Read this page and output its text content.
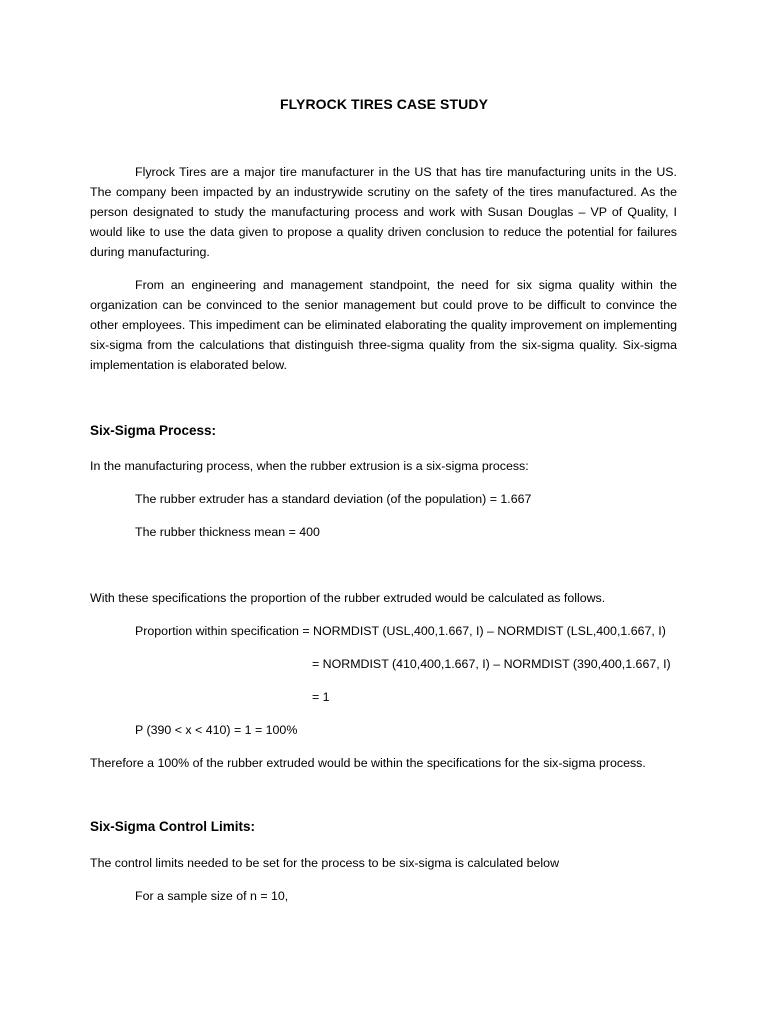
FLYROCK TIRES CASE STUDY

Flyrock Tires are a major tire manufacturer in the US that has tire manufacturing units in the US. The company been impacted by an industrywide scrutiny on the safety of the tires manufactured. As the person designated to study the manufacturing process and work with Susan Douglas – VP of Quality, I would like to use the data given to propose a quality driven conclusion to reduce the potential for failures during manufacturing.

From an engineering and management standpoint, the need for six sigma quality within the organization can be convinced to the senior management but could prove to be difficult to convince the other employees. This impediment can be eliminated elaborating the quality improvement on implementing six-sigma from the calculations that distinguish three-sigma quality from the six-sigma quality. Six-sigma implementation is elaborated below.

Six-Sigma Process:
In the manufacturing process, when the rubber extrusion is a six-sigma process:
The rubber extruder has a standard deviation (of the population) = 1.667
The rubber thickness mean = 400
With these specifications the proportion of the rubber extruded would be calculated as follows.
Proportion within specification = NORMDIST (USL,400,1.667, I) – NORMDIST (LSL,400,1.667, I)
= NORMDIST (410,400,1.667, I) – NORMDIST (390,400,1.667, I)
= 1
P (390 < x < 410) = 1 = 100%
Therefore a 100% of the rubber extruded would be within the specifications for the six-sigma process.
Six-Sigma Control Limits:
The control limits needed to be set for the process to be six-sigma is calculated below
For a sample size of n = 10,
